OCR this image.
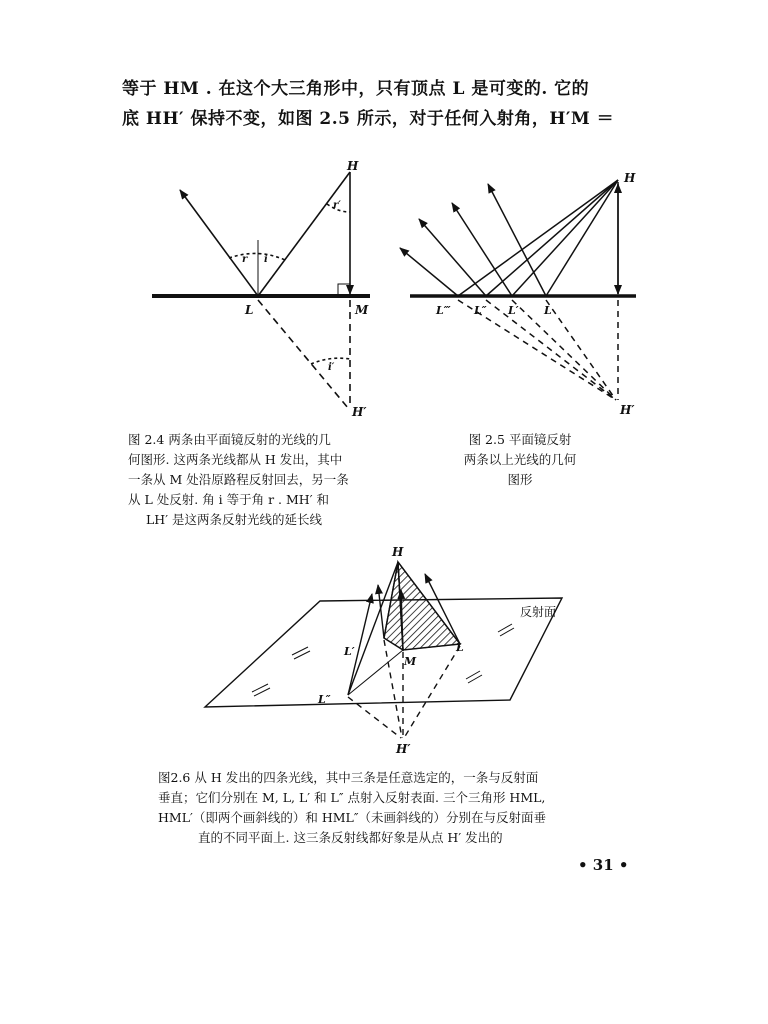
等于 HM . 在这个大三角形中，只有顶点 L 是可变的. 它的
底 HH′ 保持不变，如图 2.5 所示，对于任何入射角，H′M ＝
H
L	M
H′
r i
r′
i′
H
H′
L‴ L″ L′ L
H
H′
M
L
L′
L″
反射面

图 2.4 两条由平面镜反射的光线的几

何图形. 这两条光线都从 H 发出，其中

一条从 M 处沿原路程反射回去，另一条

从 L 处反射. 角 i 等于角 r . MH′ 和

LH′ 是这两条反射光线的延长线

图 2.5 平面镜反射

两条以上光线的几何

图形

图2.6 从 H 发出的四条光线，其中三条是任意选定的，一条与反射面

垂直；它们分别在 M, L, L′ 和 L″ 点射入反射表面. 三个三角形 HML,

HML′（即两个画斜线的）和 HML″（未画斜线的）分别在与反射面垂

直的不同平面上. 这三条反射线都好象是从点 H′ 发出的

• 31 •
